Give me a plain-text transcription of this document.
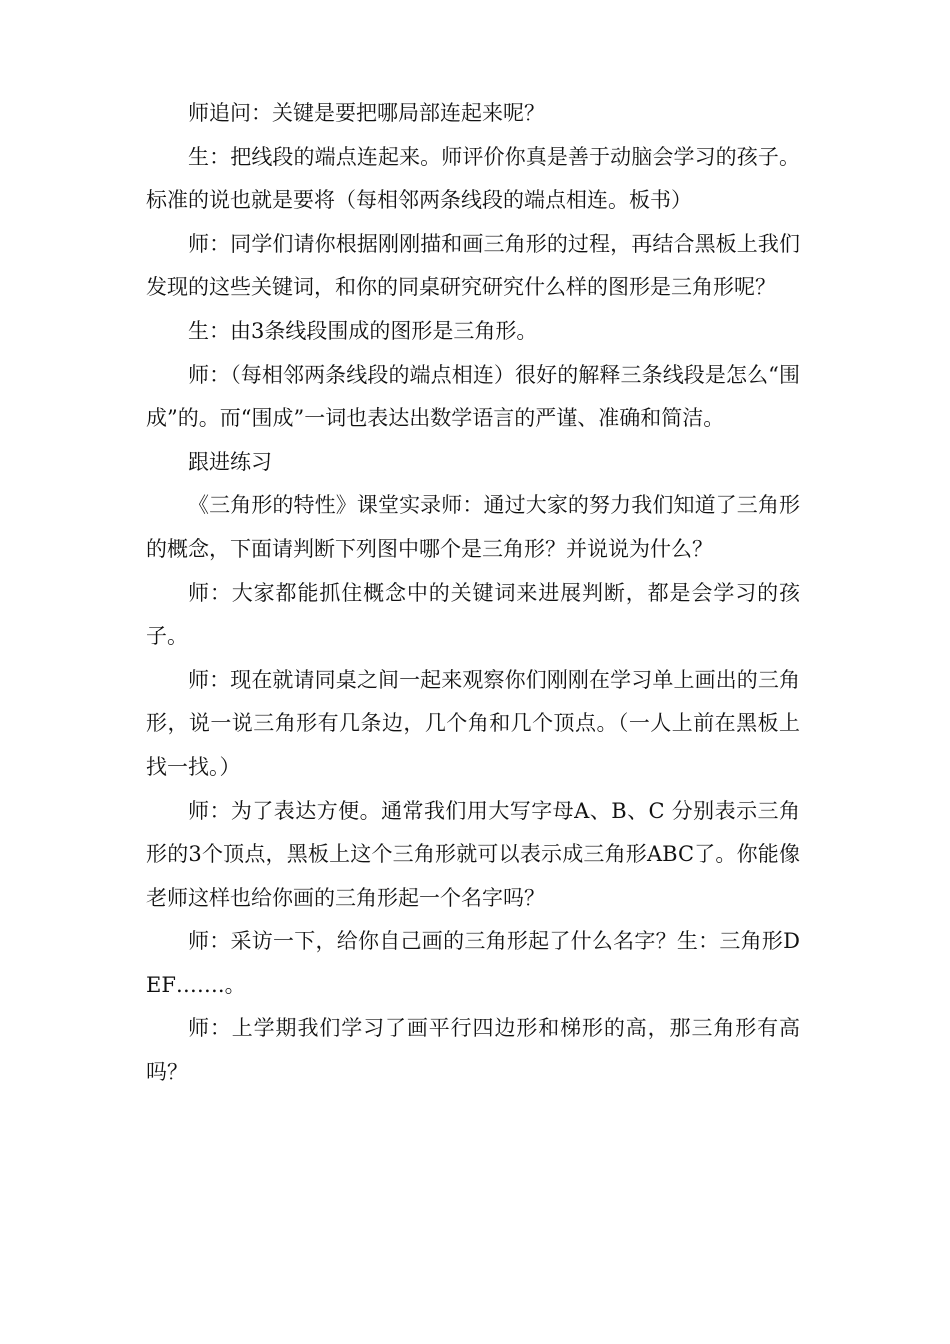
师追问：关键是要把哪局部连起来呢？

生：把线段的端点连起来。师评价你真是善于动脑会学习的孩子。标准的说也就是要将（每相邻两条线段的端点相连。板书）

师：同学们请你根据刚刚描和画三角形的过程，再结合黑板上我们发现的这些关键词，和你的同桌研究研究什么样的图形是三角形呢？

生：由3条线段围成的图形是三角形。

师：（每相邻两条线段的端点相连）很好的解释三条线段是怎么“围成”的。而“围成”一词也表达出数学语言的严谨、准确和简洁。

跟进练习

《三角形的特性》课堂实录师：通过大家的努力我们知道了三角形的概念，下面请判断下列图中哪个是三角形？并说说为什么？

师：大家都能抓住概念中的关键词来进展判断，都是会学习的孩子。

师：现在就请同桌之间一起来观察你们刚刚在学习单上画出的三角形，说一说三角形有几条边，几个角和几个顶点。（一人上前在黑板上找一找。）

师：为了表达方便。通常我们用大写字母A、B、C 分别表示三角形的3个顶点，黑板上这个三角形就可以表示成三角形ABC了。你能像老师这样也给你画的三角形起一个名字吗？

师：采访一下，给你自己画的三角形起了什么名字？生：三角形DEF…….。

师：上学期我们学习了画平行四边形和梯形的高，那三角形有高吗？
